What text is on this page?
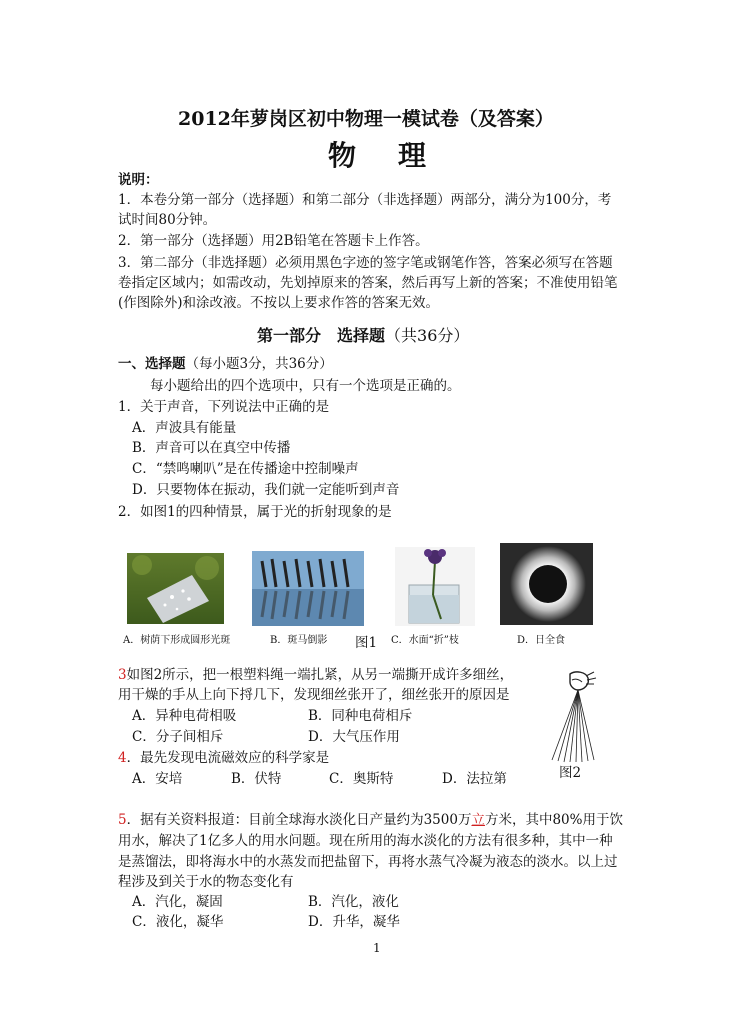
2012年萝岗区初中物理一模试卷（及答案）
物 理
说明：
1．本卷分第一部分（选择题）和第二部分（非选择题）两部分，满分为100分，考
试时间80分钟。
2．第一部分（选择题）用2B铅笔在答题卡上作答。
3．第二部分（非选择题）必须用黑色字迹的签字笔或钢笔作答，答案必须写在答题
卷指定区域内；如需改动，先划掉原来的答案，然后再写上新的答案；不准使用铅笔
(作图除外)和涂改液。不按以上要求作答的答案无效。
第一部分　选择题（共36分）
一、选择题（每小题3分，共36分）
每小题给出的四个选项中，只有一个选项是正确的。
1．关于声音，下列说法中正确的是
A．声波具有能量
B．声音可以在真空中传播
C．“禁鸣喇叭”是在传播途中控制噪声
D．只要物体在振动，我们就一定能听到声音
2．如图1的四种情景，属于光的折射现象的是
A．树荫下形成圆形光斑	B．斑马倒影 图1 C．水面“折”枝	D．日全食
3如图2所示，把一根塑料绳一端扎紧，从另一端撕开成许多细丝，
用干燥的手从上向下捋几下，发现细丝张开了，细丝张开的原因是
A．异种电荷相吸	B．同种电荷相斥
C．分子间相斥	D．大气压作用
图2
4．最先发现电流磁效应的科学家是
A．安培	B．伏特	C．奥斯特	D．法拉第
5．据有关资料报道：目前全球海水淡化日产量约为3500万立方米，其中80%用于饮
用水，解决了1亿多人的用水问题。现在所用的海水淡化的方法有很多种，其中一种
是蒸馏法，即将海水中的水蒸发而把盐留下，再将水蒸气冷凝为液态的淡水。以上过
程涉及到关于水的物态变化有
A．汽化，凝固	B．汽化，液化
C．液化，凝华	D．升华，凝华
1
